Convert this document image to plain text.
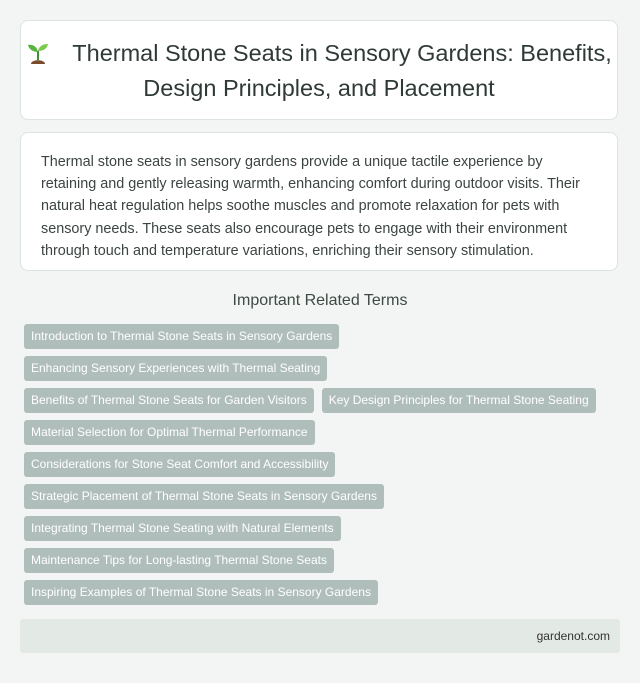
Thermal Stone Seats in Sensory Gardens: Benefits, Design Principles, and Placement

Thermal stone seats in sensory gardens provide a unique tactile experience by retaining and gently releasing warmth, enhancing comfort during outdoor visits. Their natural heat regulation helps soothe muscles and promote relaxation for pets with sensory needs. These seats also encourage pets to engage with their environment through touch and temperature variations, enriching their sensory stimulation.

Important Related Terms
Introduction to Thermal Stone Seats in Sensory Gardens
Enhancing Sensory Experiences with Thermal Seating
Benefits of Thermal Stone Seats for Garden Visitors	Key Design Principles for Thermal Stone Seating
Material Selection for Optimal Thermal Performance
Considerations for Stone Seat Comfort and Accessibility
Strategic Placement of Thermal Stone Seats in Sensory Gardens
Integrating Thermal Stone Seating with Natural Elements
Maintenance Tips for Long-lasting Thermal Stone Seats
Inspiring Examples of Thermal Stone Seats in Sensory Gardens
gardenot.com
